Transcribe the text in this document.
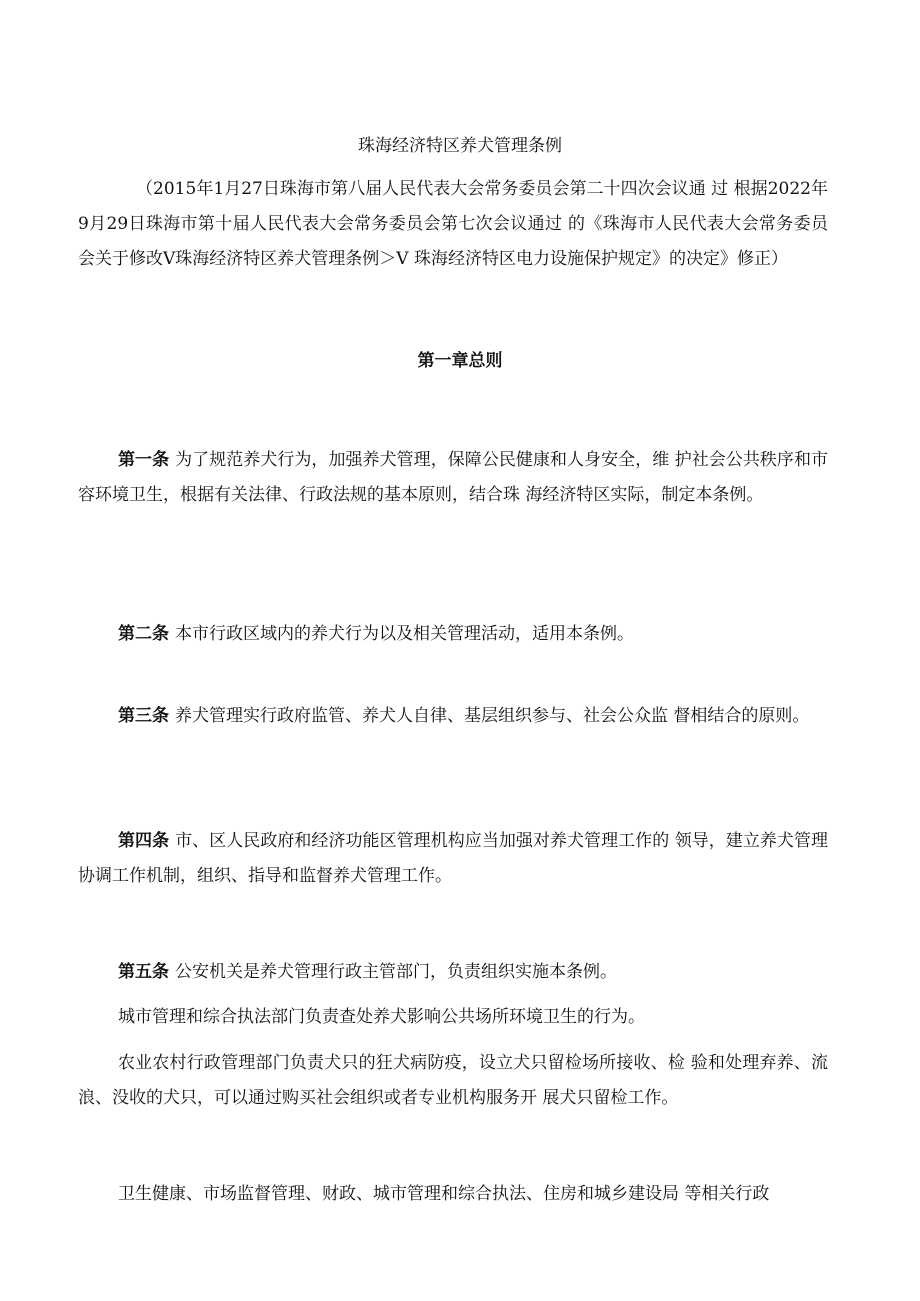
珠海经济特区养犬管理条例
（2015年1月27日珠海市第八届人民代表大会常务委员会第二十四次会议通 过 根据2022年9月29日珠海市第十届人民代表大会常务委员会第七次会议通过 的《珠海市人民代表大会常务委员会关于修改V珠海经济特区养犬管理条例＞V 珠海经济特区电力设施保护规定》的决定》修正）
第一章总则
第一条 为了规范养犬行为，加强养犬管理，保障公民健康和人身安全，维 护社会公共秩序和市容环境卫生，根据有关法律、行政法规的基本原则，结合珠 海经济特区实际，制定本条例。
第二条 本市行政区域内的养犬行为以及相关管理活动，适用本条例。
第三条 养犬管理实行政府监管、养犬人自律、基层组织参与、社会公众监 督相结合的原则。
第四条 市、区人民政府和经济功能区管理机构应当加强对养犬管理工作的 领导，建立养犬管理协调工作机制，组织、指导和监督养犬管理工作。
第五条 公安机关是养犬管理行政主管部门，负责组织实施本条例。
城市管理和综合执法部门负责查处养犬影响公共场所环境卫生的行为。
农业农村行政管理部门负责犬只的狂犬病防疫，设立犬只留检场所接收、检 验和处理弃养、流浪、没收的犬只，可以通过购买社会组织或者专业机构服务开 展犬只留检工作。
卫生健康、市场监督管理、财政、城市管理和综合执法、住房和城乡建设局 等相关行政
